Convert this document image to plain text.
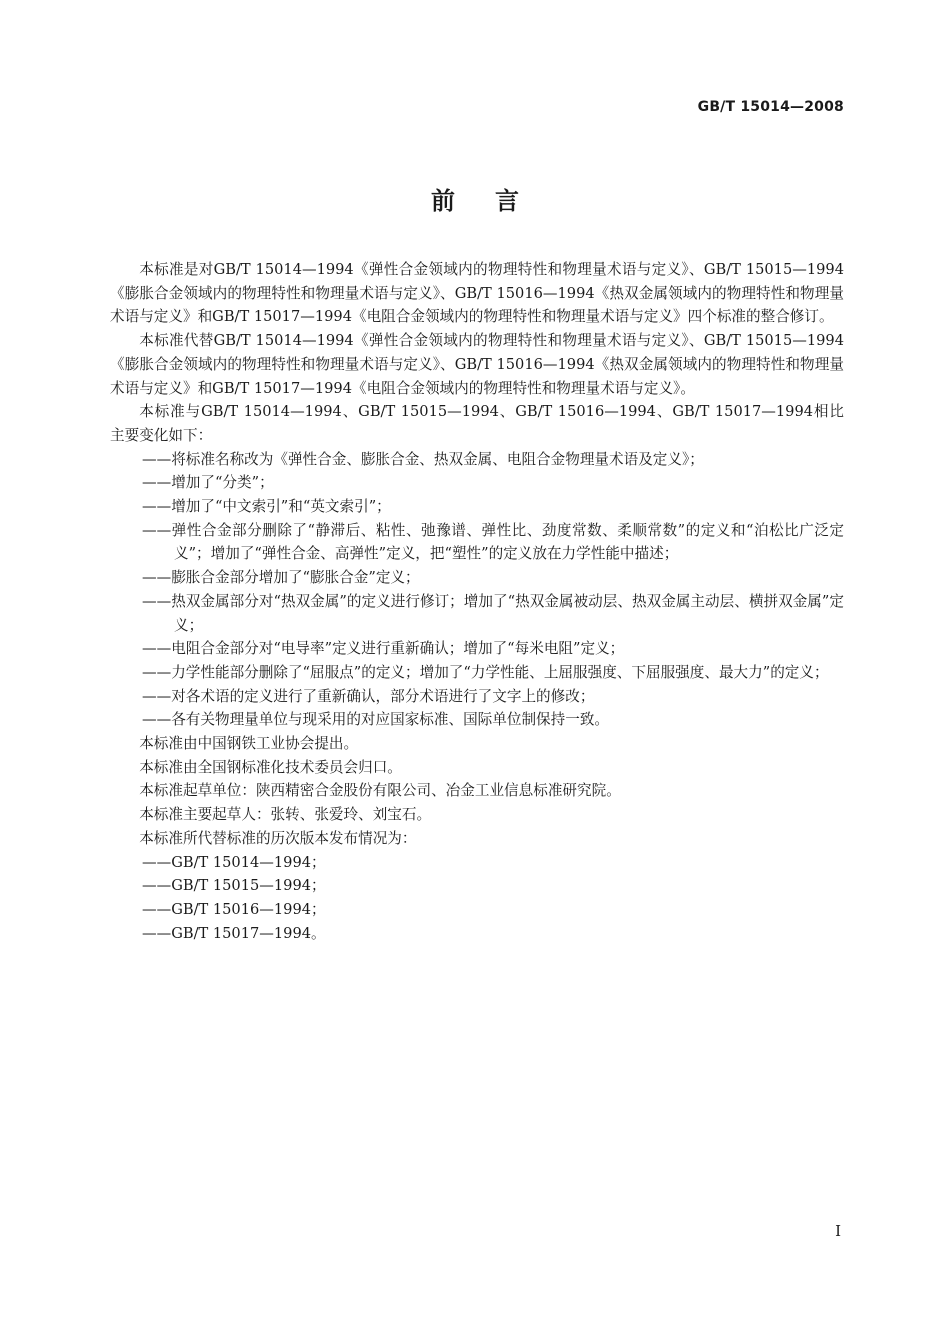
GB/T 15014—2008
前言

本标准是对GB/T 15014—1994《弹性合金领域内的物理特性和物理量术语与定义》、GB/T 15015—1994《膨胀合金领域内的物理特性和物理量术语与定义》、GB/T 15016—1994《热双金属领域内的物理特性和物理量术语与定义》和GB/T 15017—1994《电阻合金领域内的物理特性和物理量术语与定义》四个标准的整合修订。

本标准代替GB/T 15014—1994《弹性合金领域内的物理特性和物理量术语与定义》、GB/T 15015—1994《膨胀合金领域内的物理特性和物理量术语与定义》、GB/T 15016—1994《热双金属领域内的物理特性和物理量术语与定义》和GB/T 15017—1994《电阻合金领域内的物理特性和物理量术语与定义》。

本标准与GB/T 15014—1994、GB/T 15015—1994、GB/T 15016—1994、GB/T 15017—1994相比主要变化如下：

——将标准名称改为《弹性合金、膨胀合金、热双金属、电阻合金物理量术语及定义》；

——增加了“分类”；

——增加了“中文索引”和“英文索引”；

——弹性合金部分删除了“静滞后、粘性、弛豫谱、弹性比、劲度常数、柔顺常数”的定义和“泊松比广泛定义”；增加了“弹性合金、高弹性”定义，把“塑性”的定义放在力学性能中描述；

——膨胀合金部分增加了“膨胀合金”定义；

——热双金属部分对“热双金属”的定义进行修订；增加了“热双金属被动层、热双金属主动层、横拼双金属”定义；

——电阻合金部分对“电导率”定义进行重新确认；增加了“每米电阻”定义；

——力学性能部分删除了“屈服点”的定义；增加了“力学性能、上屈服强度、下屈服强度、最大力”的定义；

——对各术语的定义进行了重新确认，部分术语进行了文字上的修改；

——各有关物理量单位与现采用的对应国家标准、国际单位制保持一致。

本标准由中国钢铁工业协会提出。

本标准由全国钢标准化技术委员会归口。

本标准起草单位：陕西精密合金股份有限公司、冶金工业信息标准研究院。

本标准主要起草人：张转、张爱玲、刘宝石。

本标准所代替标准的历次版本发布情况为：

——GB/T 15014—1994；

——GB/T 15015—1994；

——GB/T 15016—1994；

——GB/T 15017—1994。

I
